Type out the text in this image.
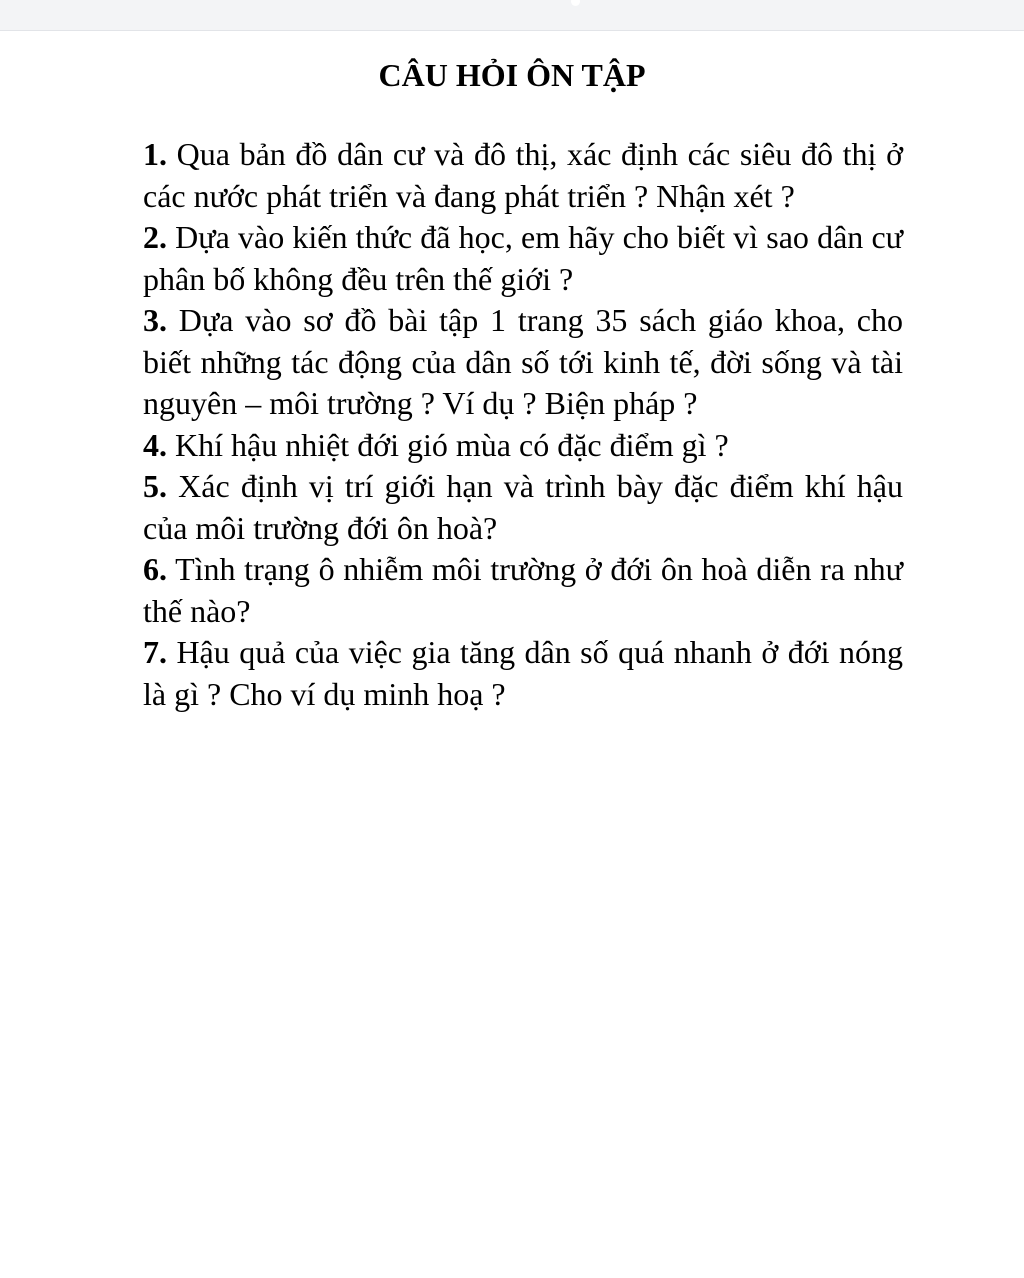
CÂU HỎI ÔN TẬP
1. Qua bản đồ dân cư và đô thị, xác định các siêu đô thị ở các nước phát triển và đang phát triển ? Nhận xét ?
2. Dựa vào kiến thức đã học, em hãy cho biết vì sao dân cư phân bố không đều trên thế giới ?
3. Dựa vào sơ đồ bài tập 1 trang 35 sách giáo khoa, cho biết những tác động của dân số tới kinh tế, đời sống và tài nguyên – môi trường ? Ví dụ ? Biện pháp ?
4. Khí hậu nhiệt đới gió mùa có đặc điểm gì ?
5. Xác định vị trí giới hạn và trình bày đặc điểm khí hậu của môi trường đới ôn hoà?
6. Tình trạng ô nhiễm môi trường ở đới ôn hoà diễn ra như thế nào?
7. Hậu quả của việc gia tăng dân số quá nhanh ở đới nóng là gì ? Cho ví dụ minh hoạ ?
